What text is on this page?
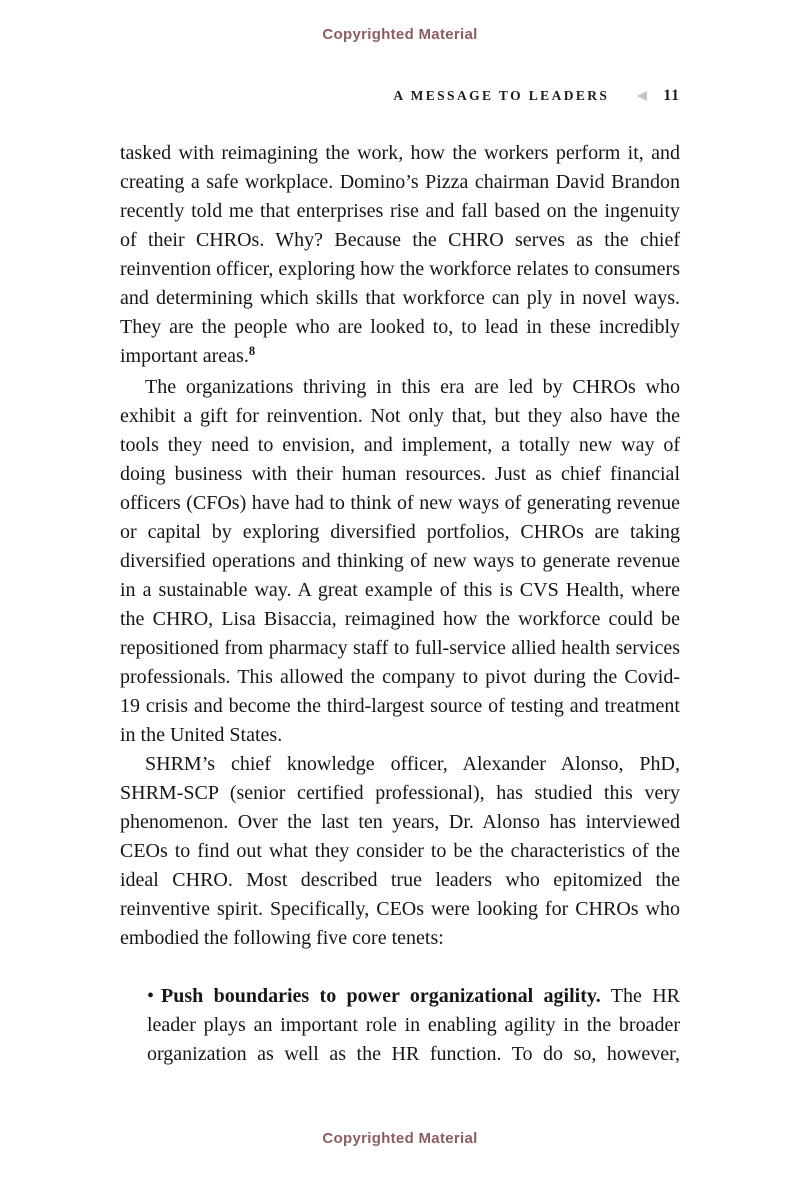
Copyrighted Material
A MESSAGE TO LEADERS	11

tasked with reimagining the work, how the workers perform it, and creating a safe workplace. Domino’s Pizza chairman David Brandon recently told me that enterprises rise and fall based on the ingenuity of their CHROs. Why? Because the CHRO serves as the chief reinvention officer, exploring how the workforce relates to consumers and determining which skills that workforce can ply in novel ways. They are the people who are looked to, to lead in these incredibly important areas.$^8$

The organizations thriving in this era are led by CHROs who exhibit a gift for reinvention. Not only that, but they also have the tools they need to envision, and implement, a totally new way of doing business with their human resources. Just as chief financial officers (CFOs) have had to think of new ways of generating revenue or capital by exploring diversified portfolios, CHROs are taking diversified operations and thinking of new ways to generate revenue in a sustainable way. A great example of this is CVS Health, where the CHRO, Lisa Bisaccia, reimagined how the workforce could be repositioned from pharmacy staff to full-service allied health services professionals. This allowed the company to pivot during the Covid-19 crisis and become the third-largest source of testing and treatment in the United States.

SHRM’s chief knowledge officer, Alexander Alonso, PhD, SHRM-SCP (senior certified professional), has studied this very phenomenon. Over the last ten years, Dr. Alonso has interviewed CEOs to find out what they consider to be the characteristics of the ideal CHRO. Most described true leaders who epitomized the reinventive spirit. Specifically, CEOs were looking for CHROs who embodied the following five core tenets:

• Push boundaries to power organizational agility. The HR leader plays an important role in enabling agility in the broader organization as well as the HR function. To do so, however,

Copyrighted Material
